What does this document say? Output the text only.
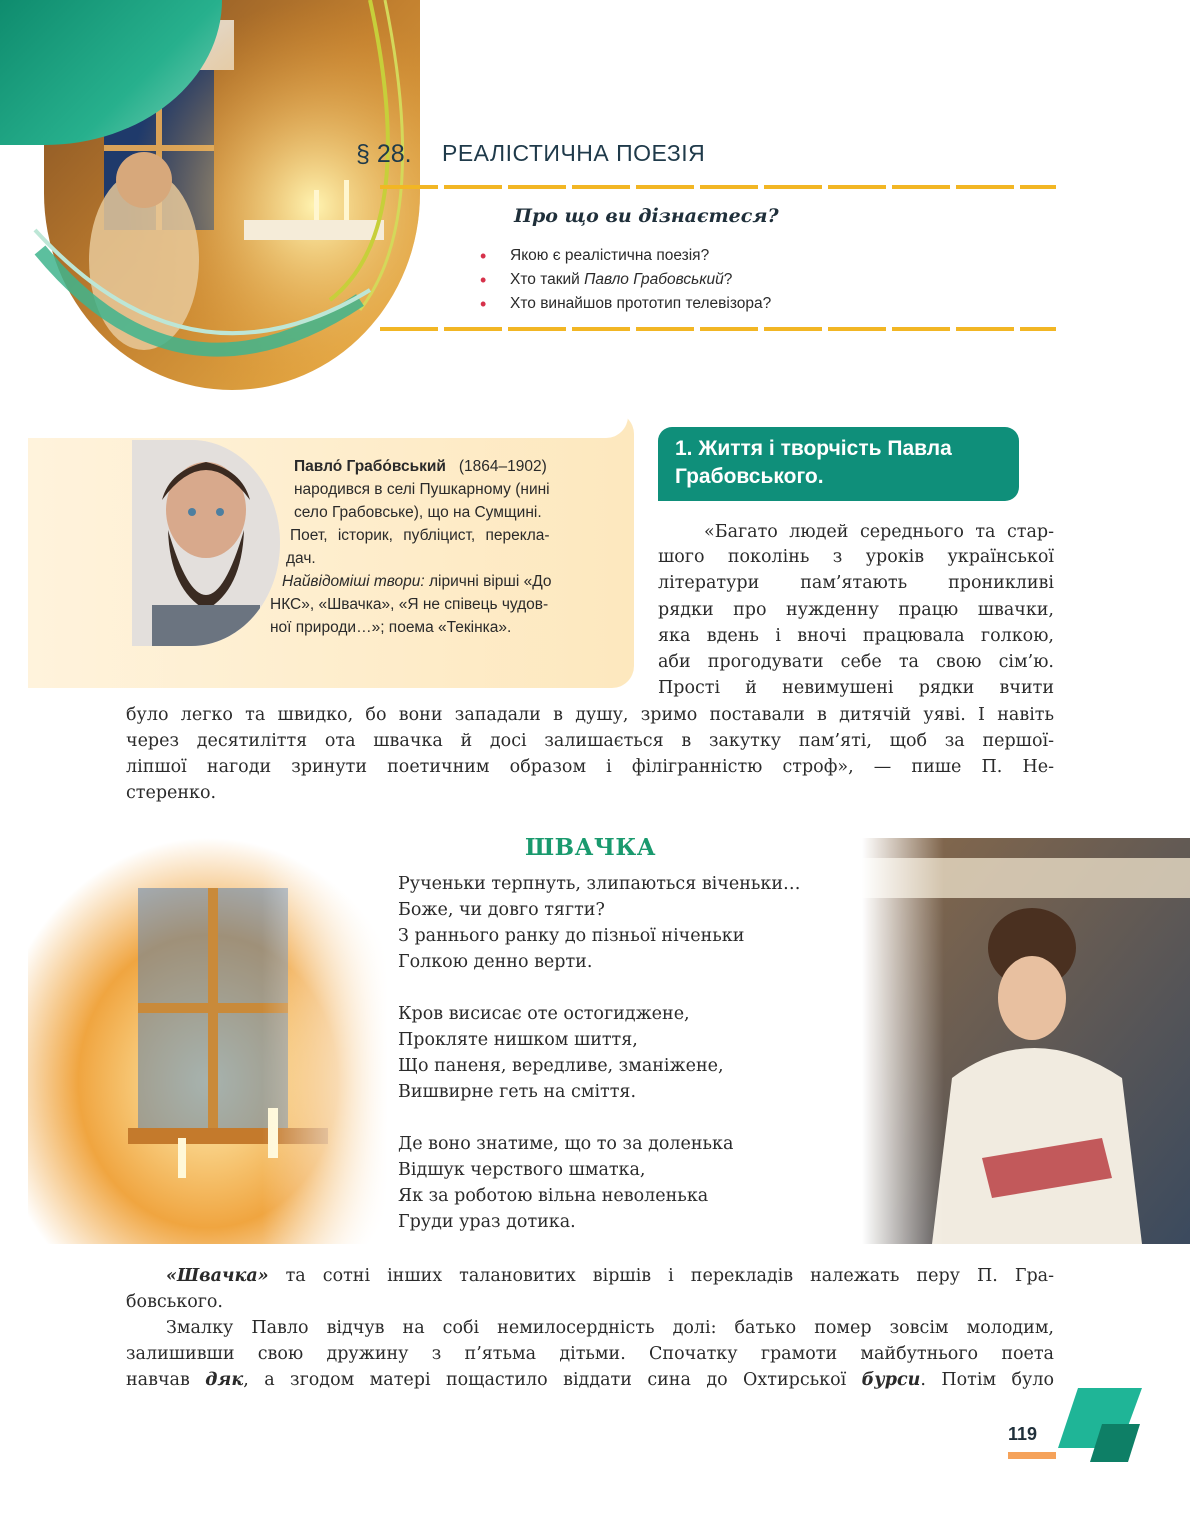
§ 28. РЕАЛІСТИЧНА ПОЕЗІЯ
Про що ви дізнаєтеся?
• Якою є реалістична поезія?
• Хто такий Павло Грабовський?
• Хто винайшов прототип телевізора?
Павло́ Грабо́вський (1864–1902)
народився в селі Пушкарному (нині
село Грабовське), що на Сумщині.
Поет, історик, публіцист, перекла-
дач.
Найвідоміші твори: ліричні вірші «До
НКС», «Швачка», «Я не співець чудов-
ної природи…»; поема «Текінка».
1. Життя і творчість Павла
Грабовського.
«Багато людей середнього та стар-
шого поколінь з уроків української
літератури пам’ятають проникливі
рядки про нужденну працю швачки,
яка вдень і вночі працювала голкою,
аби прогодувати себе та свою сім’ю.
Прості й невимушені рядки вчити
було легко та швидко, бо вони западали в душу, зримо поставали в дитячій уяві. І навіть
через десятиліття ота швачка й досі залишається в закутку пам’яті, щоб за першої-
ліпшої нагоди зринути поетичним образом і філігранністю строф», — пише П. Не-
стеренко.
ШВАЧКА
Рученьки терпнуть, злипаються віченьки…
Боже, чи довго тягти?
З раннього ранку до пізньої ніченьки
Голкою денно верти.
Кров висисає оте остогиджене,
Прокляте нишком шиття,
Що паненя, вередливе, зманіжене,
Вишвирне геть на сміття.
Де воно знатиме, що то за доленька
Відшук черствого шматка,
Як за роботою вільна неволенька
Груди ураз дотика.
«Швачка» та сотні інших талановитих віршів і перекладів належать перу П. Гра-
бовського.
Змалку Павло відчув на собі немилосердність долі: батько помер зовсім молодим,
залишивши свою дружину з п’ятьма дітьми. Спочатку грамоти майбутнього поета
навчав дяк, а згодом матері пощастило віддати сина до Охтирської бурси. Потім було
119
